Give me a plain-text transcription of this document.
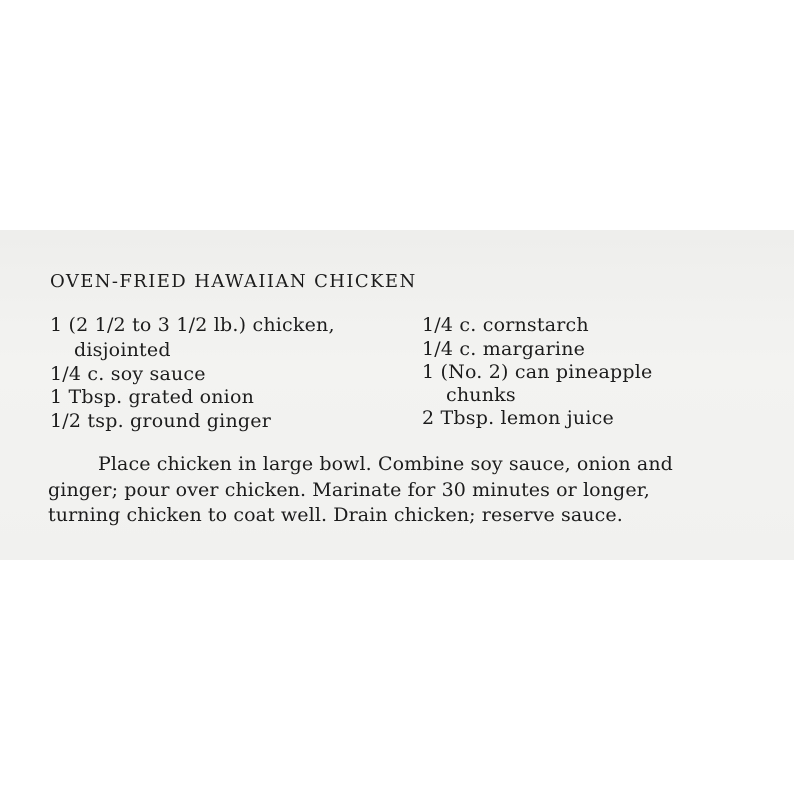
OVEN-FRIED HAWAIIAN CHICKEN
1 (2 1/2 to 3 1/2 lb.) chicken,
disjointed
1/4 c. soy sauce
1 Tbsp. grated onion
1/2 tsp. ground ginger
1/4 c. cornstarch
1/4 c. margarine
1 (No. 2) can pineapple
chunks
2 Tbsp. lemon juice
Place chicken in large bowl. Combine soy sauce, onion and
ginger; pour over chicken. Marinate for 30 minutes or longer,
turning chicken to coat well. Drain chicken; reserve sauce.
